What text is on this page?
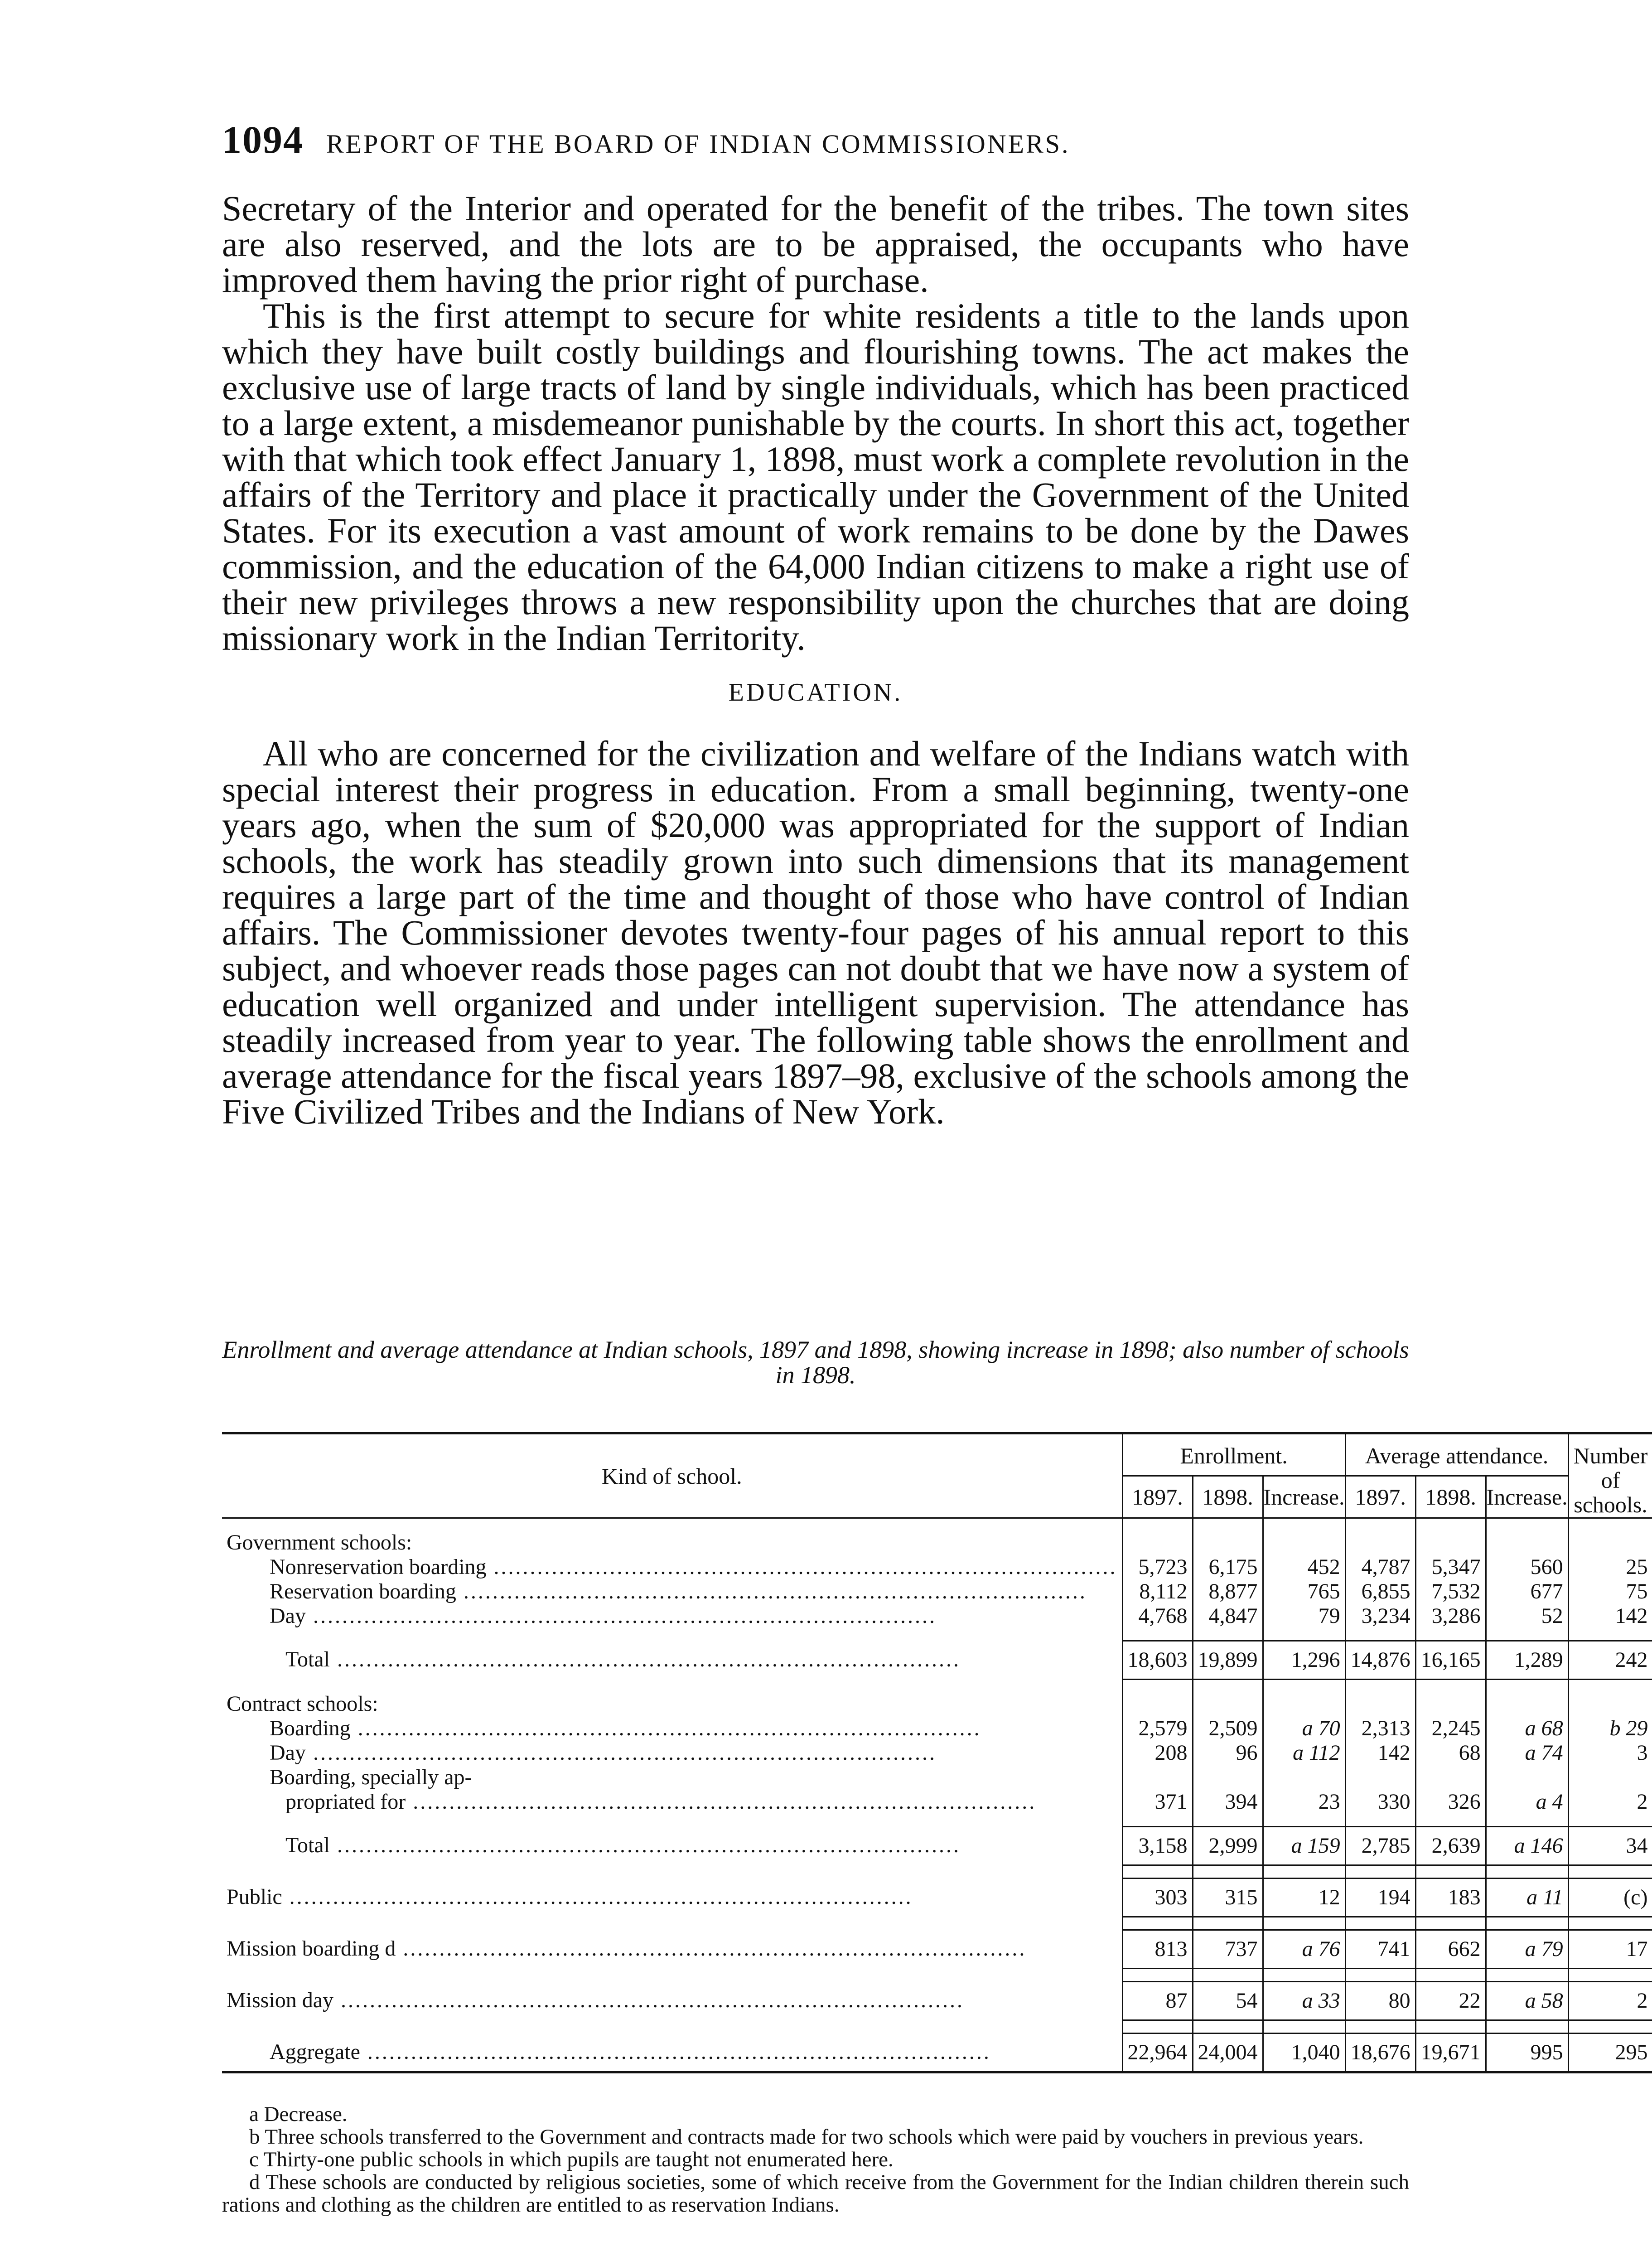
1094 REPORT OF THE BOARD OF INDIAN COMMISSIONERS.

Secretary of the Interior and operated for the benefit of the tribes. The town sites are also reserved, and the lots are to be appraised, the occupants who have improved them having the prior right of purchase.

This is the first attempt to secure for white residents a title to the lands upon which they have built costly buildings and flourishing towns. The act makes the exclusive use of large tracts of land by single individuals, which has been practiced to a large extent, a misdemeanor punishable by the courts. In short this act, together with that which took effect January 1, 1898, must work a complete revolution in the affairs of the Territory and place it practically under the Government of the United States. For its execution a vast amount of work remains to be done by the Dawes commission, and the education of the 64,000 Indian citizens to make a right use of their new privileges throws a new responsibility upon the churches that are doing missionary work in the Indian Territority.

EDUCATION.

All who are concerned for the civilization and welfare of the Indians watch with special interest their progress in education. From a small beginning, twenty-one years ago, when the sum of $20,000 was appropriated for the support of Indian schools, the work has steadily grown into such dimensions that its management requires a large part of the time and thought of those who have control of Indian affairs. The Commissioner devotes twenty-four pages of his annual report to this subject, and whoever reads those pages can not doubt that we have now a system of education well organized and under intelligent supervision. The attendance has steadily increased from year to year. The following table shows the enrollment and average attendance for the fiscal years 1897–98, exclusive of the schools among the Five Civilized Tribes and the Indians of New York.

Enrollment and average attendance at Indian schools, 1897 and 1898, showing increase in 1898; also number of schools in 1898.
Kind of school.	Enrollment.			Average attendance.			Number of schools.
	1897.	1898.	Increase.	1897.	1898.	Increase.	

Government schools:							
Nonreservation boarding .....	5,723	6,175	452	4,787	5,347	560	25
Reservation boarding .....	8,112	8,877	765	6,855	7,532	677	75
Day .....	4,768	4,847	79	3,234	3,286	52	142

Total .....	18,603	19,899	1,296	14,876	16,165	1,289	242

Contract schools:							
Boarding .....	2,579	2,509	a 70	2,313	2,245	a 68	b 29
Day .....	208	96	a 112	142	68	a 74	3
Boarding, specially ap-							
propriated for .....	371	394	23	330	326	a 4	2

Total .....	3,158	2,999	a 159	2,785	2,639	a 146	34

Public .....	303	315	12	194	183	a 11	(c)

Mission boarding d .....	813	737	a 76	741	662	a 79	17

Mission day .....	87	54	a 33	80	22	a 58	2

Aggregate .....	22,964	24,004	1,040	18,676	19,671	995	295

a Decrease.

b Three schools transferred to the Government and contracts made for two schools which were paid by vouchers in previous years.

c Thirty-one public schools in which pupils are taught not enumerated here.

d These schools are conducted by religious societies, some of which receive from the Government for the Indian children therein such rations and clothing as the children are entitled to as reservation Indians.
